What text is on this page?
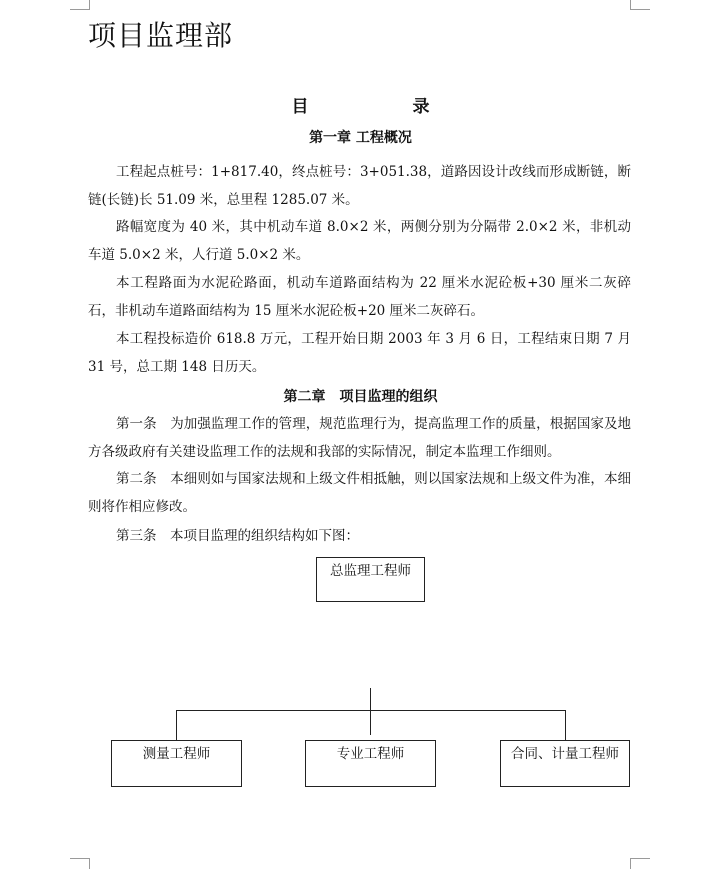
项目监理部
目	录
第一章 工程概况
工程起点桩号：1+817.40，终点桩号：3+051.38，道路因设计改线而形成断链，断链(长链)长 51.09 米，总里程 1285.07 米。
路幅宽度为 40 米，其中机动车道 8.0×2 米，两侧分别为分隔带 2.0×2 米，非机动车道 5.0×2 米，人行道 5.0×2 米。
本工程路面为水泥砼路面，机动车道路面结构为 22 厘米水泥砼板+30 厘米二灰碎石，非机动车道路面结构为 15 厘米水泥砼板+20 厘米二灰碎石。
本工程投标造价 618.8 万元，工程开始日期 2003 年 3 月 6 日，工程结束日期 7 月 31 号，总工期 148 日历天。
第二章　项目监理的组织
第一条　为加强监理工作的管理，规范监理行为，提高监理工作的质量，根据国家及地方各级政府有关建设监理工作的法规和我部的实际情况，制定本监理工作细则。
第二条　本细则如与国家法规和上级文件相抵触，则以国家法规和上级文件为准，本细则将作相应修改。
第三条　本项目监理的组织结构如下图：
总监理工程师
测量工程师	专业工程师	合同、计量工程师
